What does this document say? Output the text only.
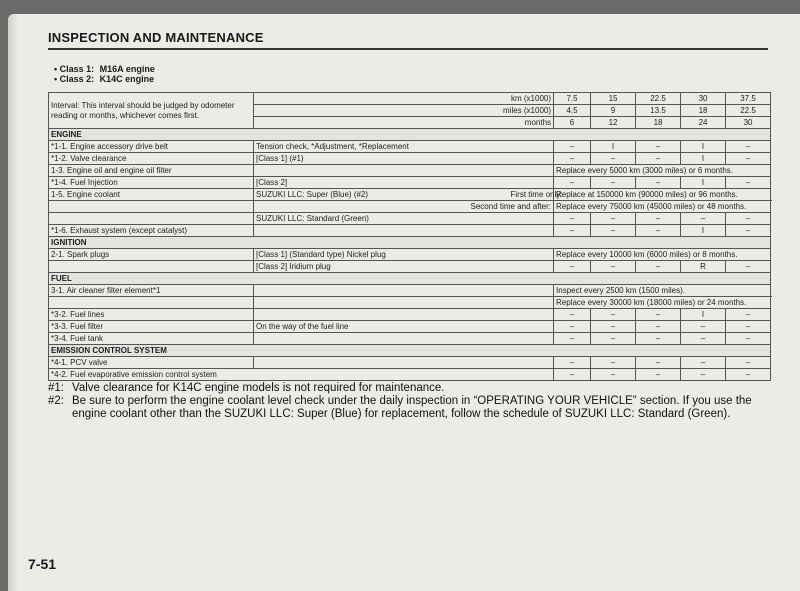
INSPECTION AND MAINTENANCE
• Class 1: M16A engine
• Class 2: K14C engine
Interval: This interval should be judged by odometer reading or months, whichever comes first.	km (x1000)		7.5	15	22.5	30	37.5	
	miles (x1000)		4.5	9	13.5	18	22.5	
	months		6	12	18	24	30	
ENGINE								
*1-1. Engine accessory drive belt	Tension check, *Adjustment, *Replacement		–	I	–	I	–	
*1-2. Valve clearance	[Class 1] (#1)		–	–	–	I	–	
1-3. Engine oil and engine oil filter			Replace every 5000 km (3000 miles) or 6 months.					
*1-4. Fuel Injection	[Class 2]		–	–	–	I	–	
1-5. Engine coolant	SUZUKI LLC: Super (Blue) (#2)	First time only:	Replace at 150000 km (90000 miles) or 96 months.					
	Second time and after:		Replace every 75000 km (45000 miles) or 48 months.					
	SUZUKI LLC: Standard (Green)		–	–	–	–	–	
*1-6. Exhaust system (except catalyst)			–	–	–	I	–	
IGNITION								
2-1. Spark plugs	[Class 1] (Standard type) Nickel plug		Replace every 10000 km (6000 miles) or 8 months.					
	[Class 2] Iridium plug		–	–	–	R	–	
FUEL								
3-1. Air cleaner filter element*1			Inspect every 2500 km (1500 miles).					
			Replace every 30000 km (18000 miles) or 24 months.					
*3-2. Fuel lines			–	–	–	I	–	
*3-3. Fuel filter	On the way of the fuel line		–	–	–	–	–	
*3-4. Fuel tank			–	–	–	–	–	
EMISSION CONTROL SYSTEM								
*4-1. PCV valve			–	–	–	–	–	
*4-2. Fuel evaporative emission control system			–	–	–	–	–	
#1: Valve clearance for K14C engine models is not required for maintenance.
#2: Be sure to perform the engine coolant level check under the daily inspection in “OPERATING YOUR VEHICLE” section. If you use the engine coolant other than the SUZUKI LLC: Super (Blue) for replacement, follow the schedule of SUZUKI LLC: Standard (Green).
7-51
